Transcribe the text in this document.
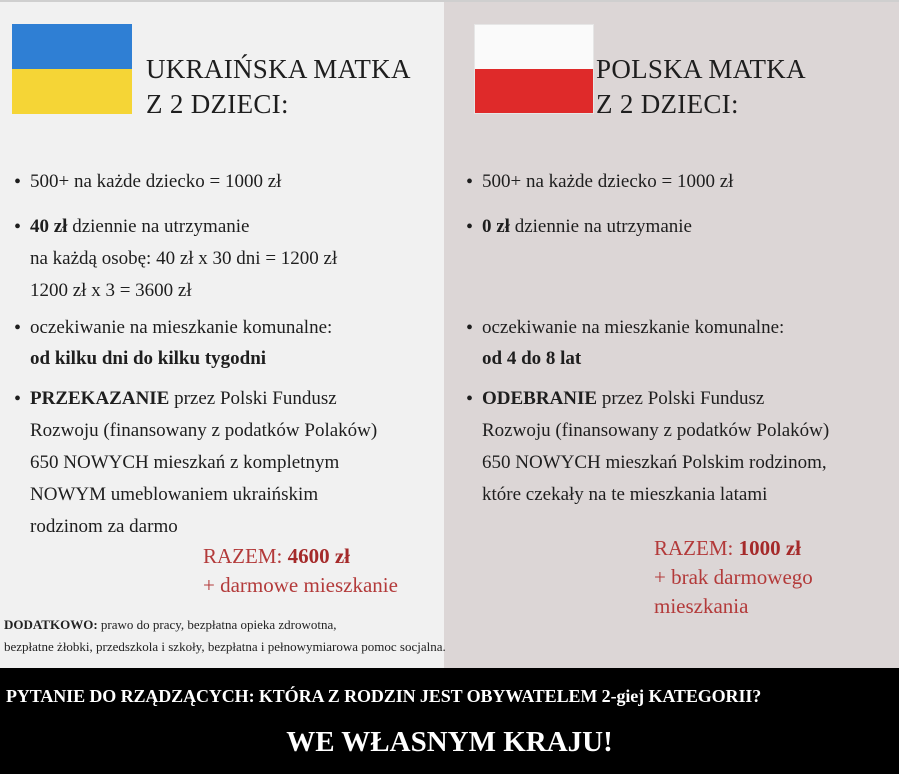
UKRAIŃSKA MATKA
Z 2 DZIECI:
• 500+ na każde dziecko = 1000 zł
• 40 zł dziennie na utrzymanie
na każdą osobę: 40 zł x 30 dni = 1200 zł
1200 zł x 3 = 3600 zł
• oczekiwanie na mieszkanie komunalne:
od kilku dni do kilku tygodni
• PRZEKAZANIE przez Polski Fundusz
Rozwoju (finansowany z podatków Polaków)
650 NOWYCH mieszkań z kompletnym
NOWYM umeblowaniem ukraińskim
rodzinom za darmo
RAZEM: 4600 zł
+ darmowe mieszkanie
POLSKA MATKA
Z 2 DZIECI:
• 500+ na każde dziecko = 1000 zł
• 0 zł dziennie na utrzymanie
• oczekiwanie na mieszkanie komunalne:
od 4 do 8 lat
• ODEBRANIE przez Polski Fundusz
Rozwoju (finansowany z podatków Polaków)
650 NOWYCH mieszkań Polskim rodzinom,
które czekały na te mieszkania latami
RAZEM: 1000 zł
+ brak darmowego
mieszkania
DODATKOWO: prawo do pracy, bezpłatna opieka zdrowotna,
bezpłatne żłobki, przedszkola i szkoły, bezpłatna i pełnowymiarowa pomoc socjalna.
PYTANIE DO RZĄDZĄCYCH: KTÓRA Z RODZIN JEST OBYWATELEM 2-giej KATEGORII?
WE WŁASNYM KRAJU!
